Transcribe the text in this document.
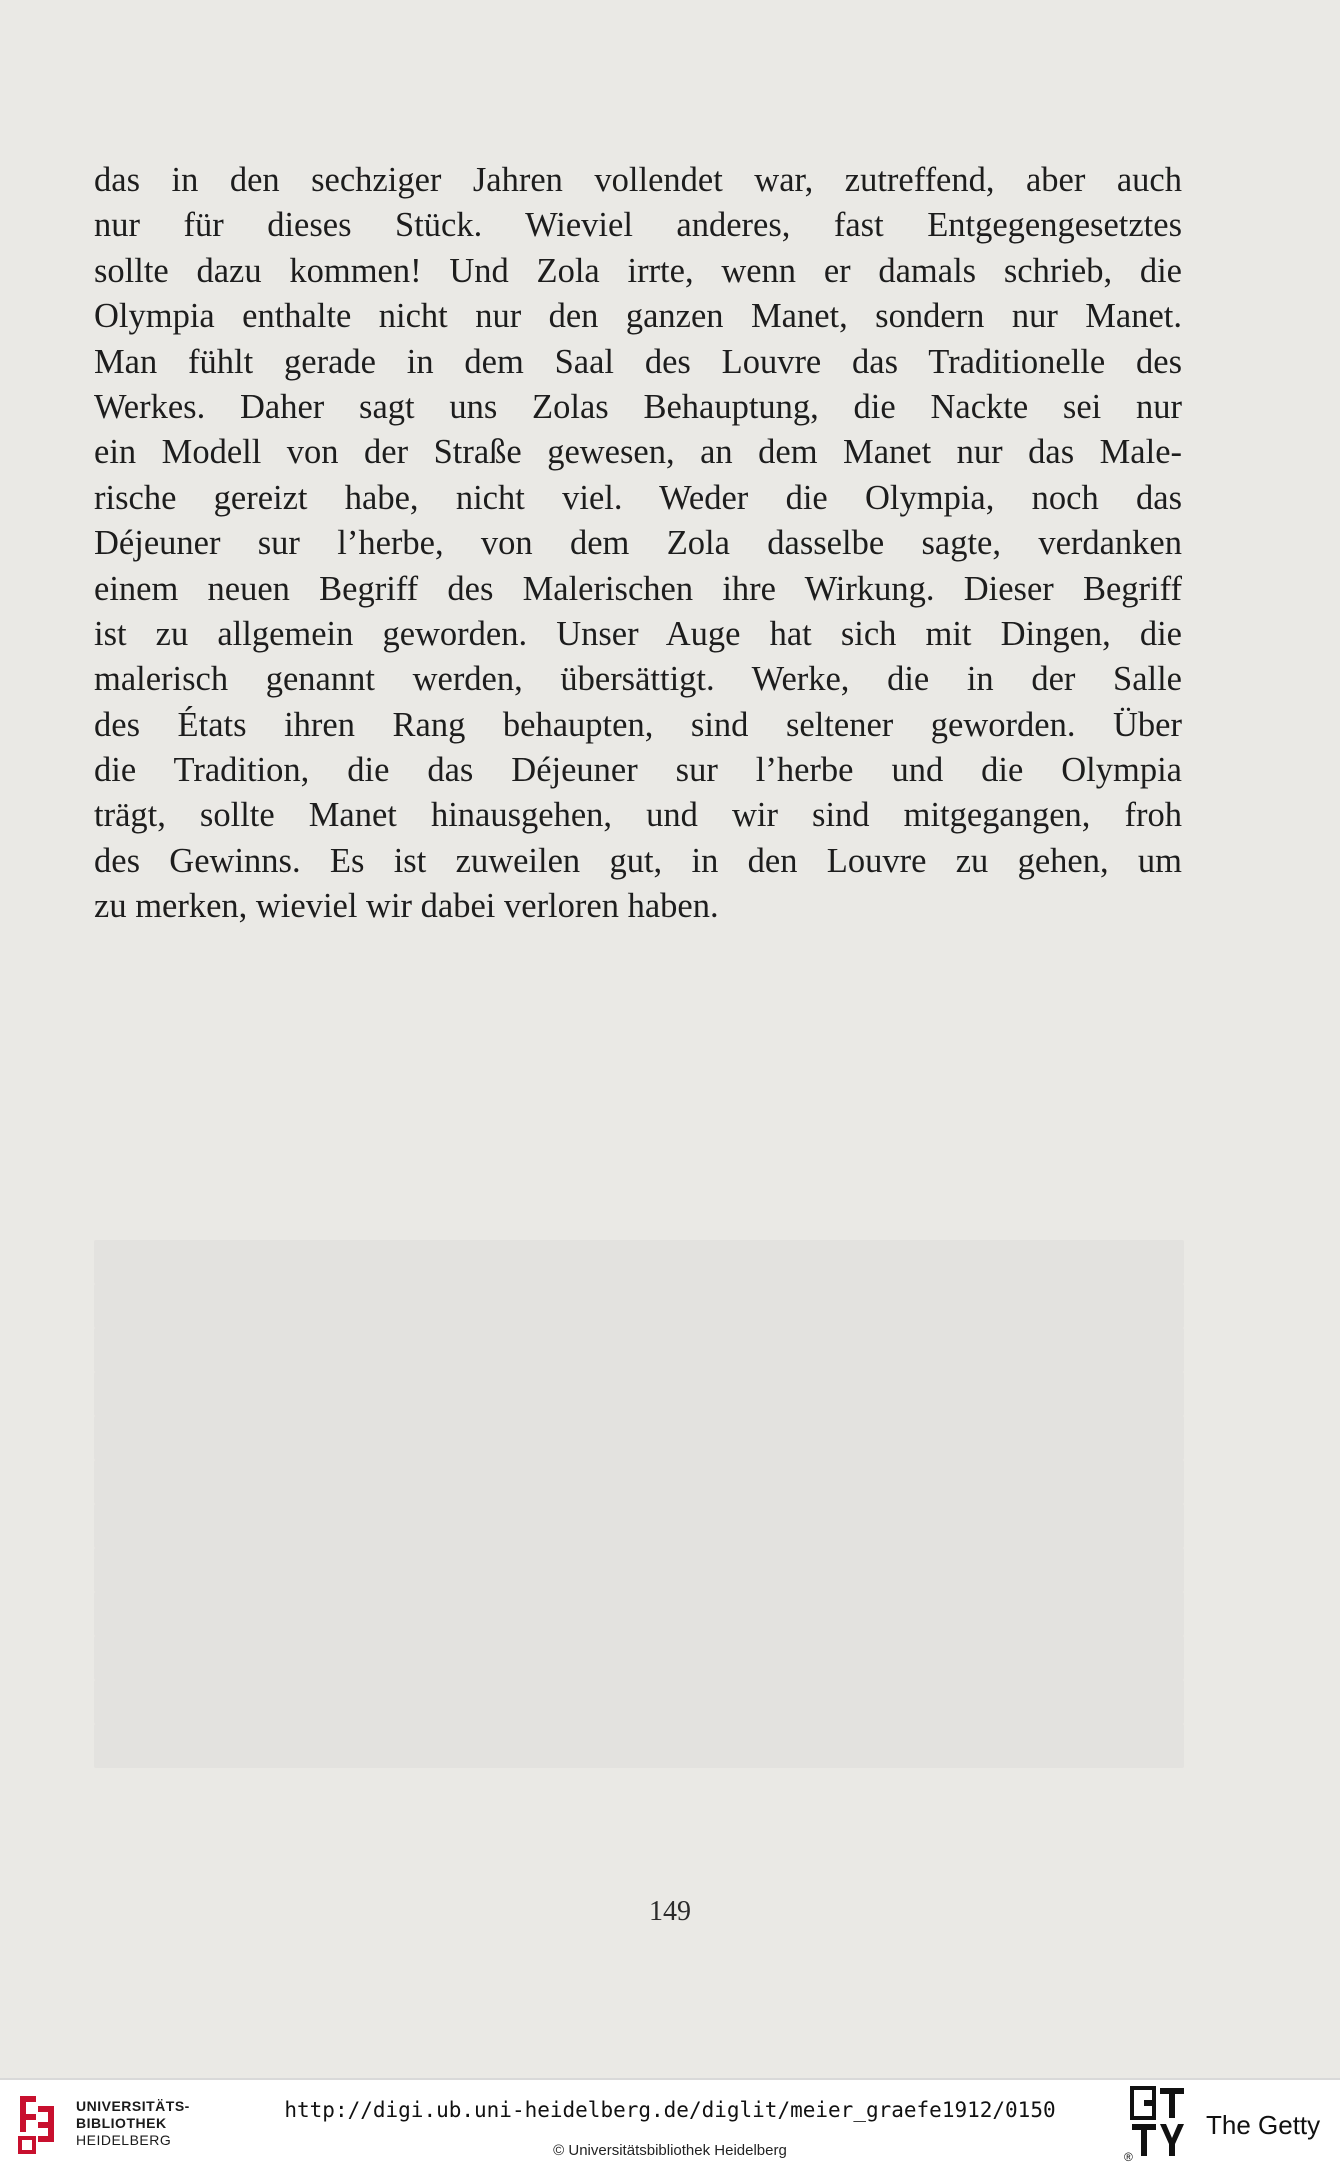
das in den sechziger Jahren vollendet war, zutreffend, aber auch
nur für dieses Stück. Wieviel anderes, fast Entgegengesetztes
sollte dazu kommen! Und Zola irrte, wenn er damals schrieb, die
Olympia enthalte nicht nur den ganzen Manet, sondern nur Manet.
Man fühlt gerade in dem Saal des Louvre das Traditionelle des
Werkes. Daher sagt uns Zolas Behauptung, die Nackte sei nur
ein Modell von der Straße gewesen, an dem Manet nur das Male-
rische gereizt habe, nicht viel. Weder die Olympia, noch das
Déjeuner sur l’herbe, von dem Zola dasselbe sagte, verdanken
einem neuen Begriff des Malerischen ihre Wirkung. Dieser Begriff
ist zu allgemein geworden. Unser Auge hat sich mit Dingen, die
malerisch genannt werden, übersättigt. Werke, die in der Salle
des États ihren Rang behaupten, sind seltener geworden. Über
die Tradition, die das Déjeuner sur l’herbe und die Olympia
trägt, sollte Manet hinausgehen, und wir sind mitgegangen, froh
des Gewinns. Es ist zuweilen gut, in den Louvre zu gehen, um
zu merken, wieviel wir dabei verloren haben.
149
UNIVERSITÄTS-
BIBLIOTHEK
HEIDELBERG
http://digi.ub.uni-heidelberg.de/diglit/meier_graefe1912/0150
© Universitätsbibliothek Heidelberg	®
The Getty
